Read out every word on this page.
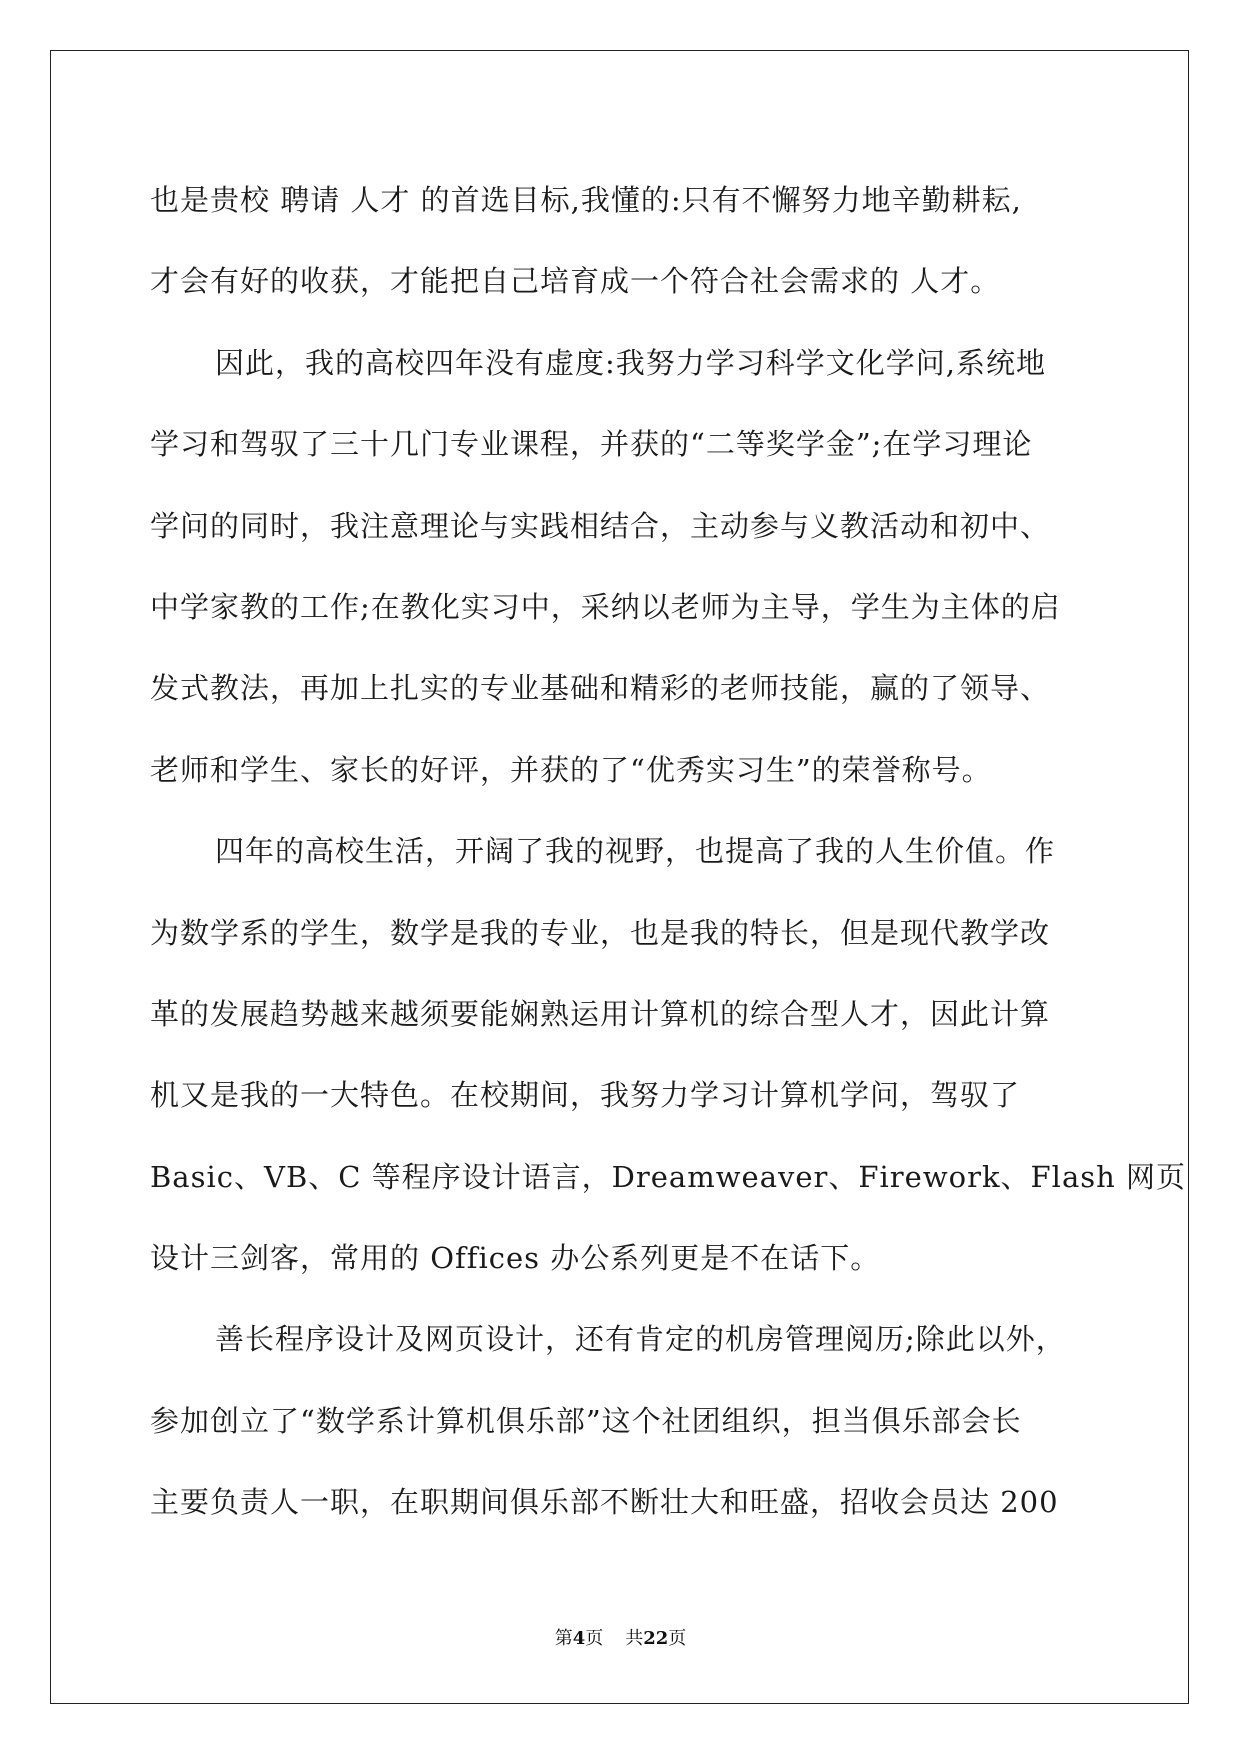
也是贵校 聘请 人才 的首选目标,我懂的:只有不懈努力地辛勤耕耘,
才会有好的收获，才能把自己培育成一个符合社会需求的 人才。
因此，我的高校四年没有虚度:我努力学习科学文化学问,系统地
学习和驾驭了三十几门专业课程，并获的“二等奖学金”;在学习理论
学问的同时，我注意理论与实践相结合，主动参与义教活动和初中、
中学家教的工作;在教化实习中，采纳以老师为主导，学生为主体的启
发式教法，再加上扎实的专业基础和精彩的老师技能，赢的了领导、
老师和学生、家长的好评，并获的了“优秀实习生”的荣誉称号。
四年的高校生活，开阔了我的视野，也提高了我的人生价值。作
为数学系的学生，数学是我的专业，也是我的特长，但是现代教学改
革的发展趋势越来越须要能娴熟运用计算机的综合型人才，因此计算
机又是我的一大特色。在校期间，我努力学习计算机学问，驾驭了
Basic、VB、C 等程序设计语言，Dreamweaver、Firework、Flash 网页
设计三剑客，常用的 Offices 办公系列更是不在话下。
善长程序设计及网页设计，还有肯定的机房管理阅历;除此以外，
参加创立了“数学系计算机俱乐部”这个社团组织，担当俱乐部会长
主要负责人一职，在职期间俱乐部不断壮大和旺盛，招收会员达 200
第4页 共22页
